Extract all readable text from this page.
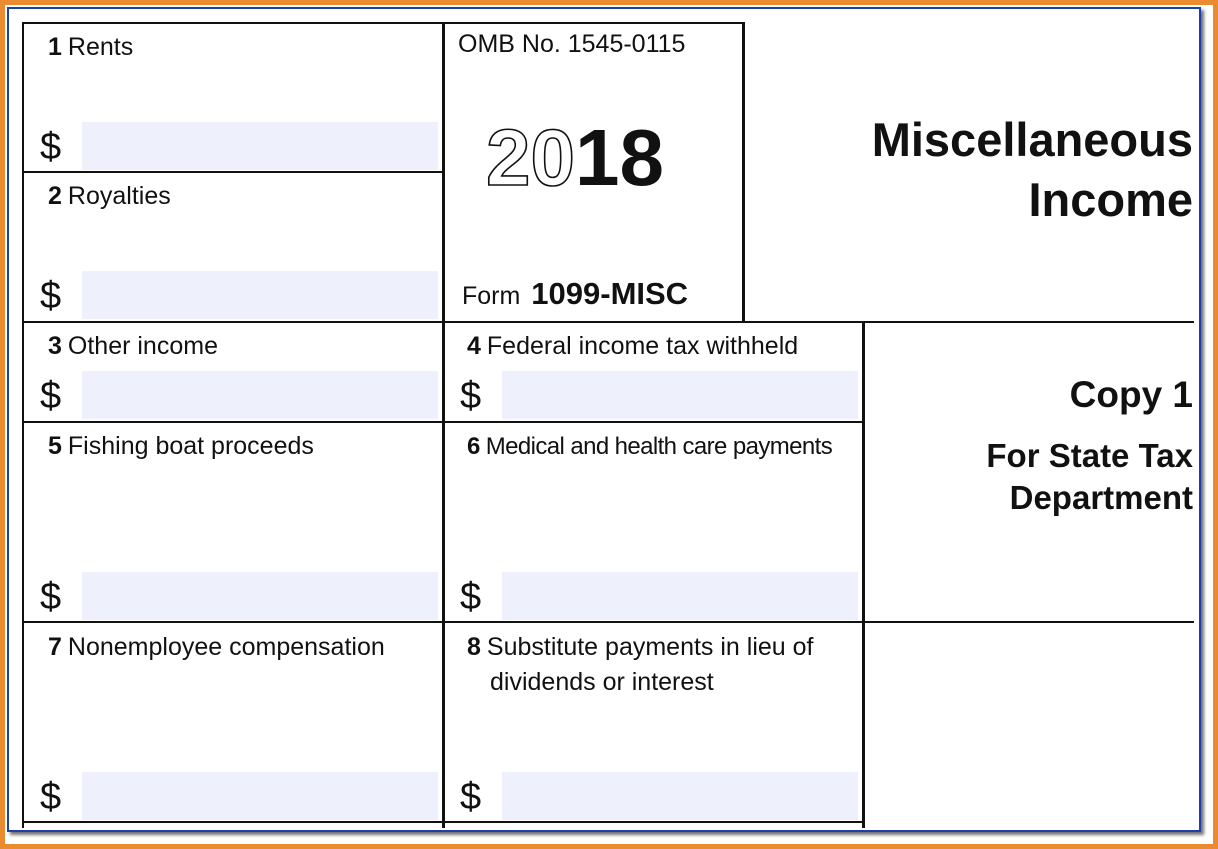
OMB No. 1545-0115
2018
Form 1099-MISC
Miscellaneous
Income
Copy 1
For State Tax
Department
1 Rents
$
2 Royalties
$
3 Other income
$
4 Federal income tax withheld
$
5 Fishing boat proceeds
$
6 Medical and health care payments
$
7 Nonemployee compensation
$
8 Substitute payments in lieu of dividends or interest
$
